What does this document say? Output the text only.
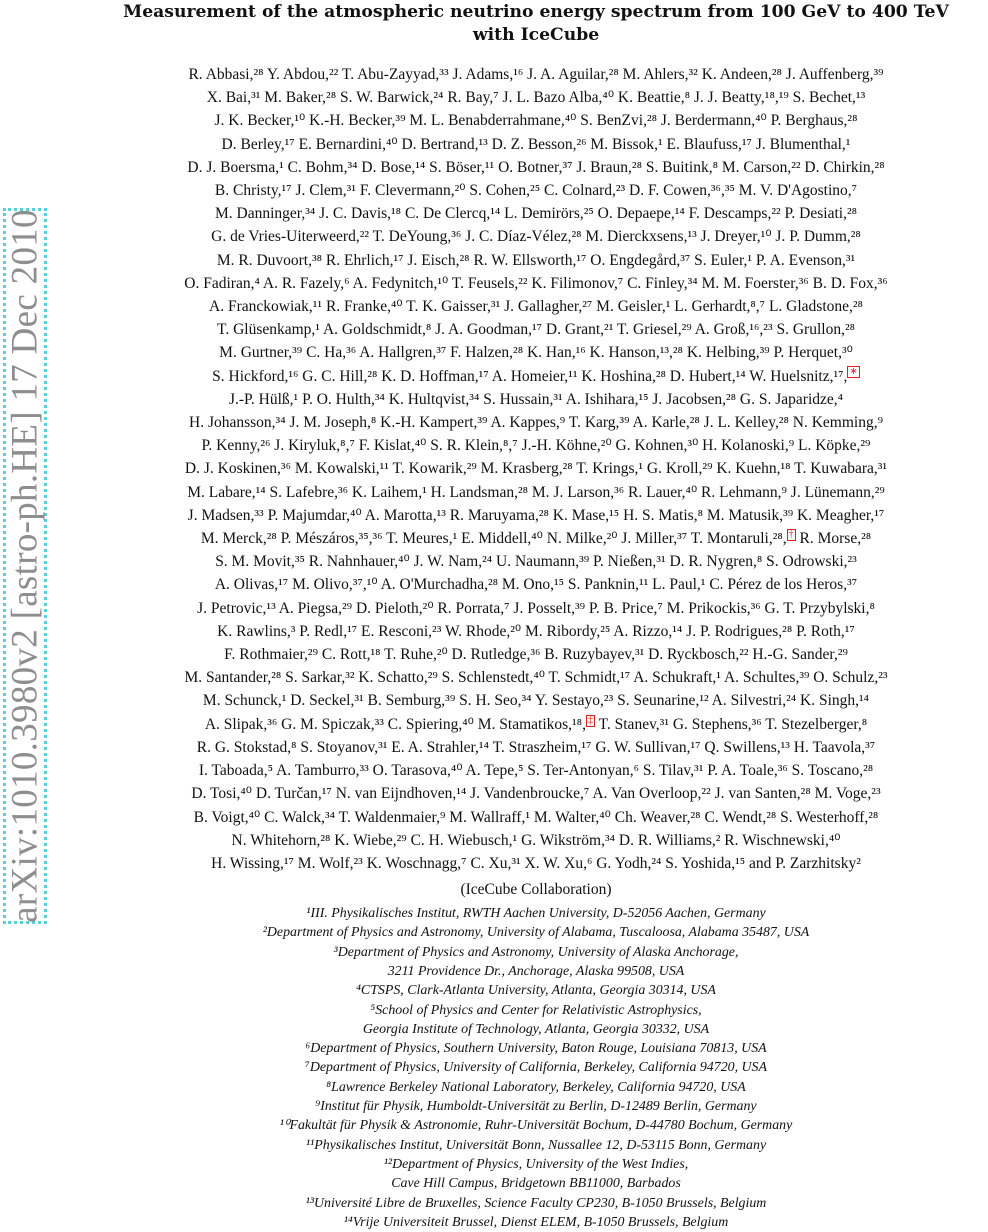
arXiv:1010.3980v2 [astro-ph.HE] 17 Dec 2010
Measurement of the atmospheric neutrino energy spectrum from 100 GeV to 400 TeV
with IceCube
R. Abbasi,²⁸ Y. Abdou,²² T. Abu-Zayyad,³³ J. Adams,¹⁶ J. A. Aguilar,²⁸ M. Ahlers,³² K. Andeen,²⁸ J. Auffenberg,³⁹
X. Bai,³¹ M. Baker,²⁸ S. W. Barwick,²⁴ R. Bay,⁷ J. L. Bazo Alba,⁴⁰ K. Beattie,⁸ J. J. Beatty,¹⁸,¹⁹ S. Bechet,¹³
J. K. Becker,¹⁰ K.-H. Becker,³⁹ M. L. Benabderrahmane,⁴⁰ S. BenZvi,²⁸ J. Berdermann,⁴⁰ P. Berghaus,²⁸
D. Berley,¹⁷ E. Bernardini,⁴⁰ D. Bertrand,¹³ D. Z. Besson,²⁶ M. Bissok,¹ E. Blaufuss,¹⁷ J. Blumenthal,¹
D. J. Boersma,¹ C. Bohm,³⁴ D. Bose,¹⁴ S. Böser,¹¹ O. Botner,³⁷ J. Braun,²⁸ S. Buitink,⁸ M. Carson,²² D. Chirkin,²⁸
B. Christy,¹⁷ J. Clem,³¹ F. Clevermann,²⁰ S. Cohen,²⁵ C. Colnard,²³ D. F. Cowen,³⁶,³⁵ M. V. D'Agostino,⁷
M. Danninger,³⁴ J. C. Davis,¹⁸ C. De Clercq,¹⁴ L. Demirörs,²⁵ O. Depaepe,¹⁴ F. Descamps,²² P. Desiati,²⁸
G. de Vries-Uiterweerd,²² T. DeYoung,³⁶ J. C. Díaz-Vélez,²⁸ M. Dierckxsens,¹³ J. Dreyer,¹⁰ J. P. Dumm,²⁸
M. R. Duvoort,³⁸ R. Ehrlich,¹⁷ J. Eisch,²⁸ R. W. Ellsworth,¹⁷ O. Engdegård,³⁷ S. Euler,¹ P. A. Evenson,³¹
O. Fadiran,⁴ A. R. Fazely,⁶ A. Fedynitch,¹⁰ T. Feusels,²² K. Filimonov,⁷ C. Finley,³⁴ M. M. Foerster,³⁶ B. D. Fox,³⁶
A. Franckowiak,¹¹ R. Franke,⁴⁰ T. K. Gaisser,³¹ J. Gallagher,²⁷ M. Geisler,¹ L. Gerhardt,⁸,⁷ L. Gladstone,²⁸
T. Glüsenkamp,¹ A. Goldschmidt,⁸ J. A. Goodman,¹⁷ D. Grant,²¹ T. Griesel,²⁹ A. Groß,¹⁶,²³ S. Grullon,²⁸
M. Gurtner,³⁹ C. Ha,³⁶ A. Hallgren,³⁷ F. Halzen,²⁸ K. Han,¹⁶ K. Hanson,¹³,²⁸ K. Helbing,³⁹ P. Herquet,³⁰
S. Hickford,¹⁶ G. C. Hill,²⁸ K. D. Hoffman,¹⁷ A. Homeier,¹¹ K. Hoshina,²⁸ D. Hubert,¹⁴ W. Huelsnitz,¹⁷, ∗
J.-P. Hülß,¹ P. O. Hulth,³⁴ K. Hultqvist,³⁴ S. Hussain,³¹ A. Ishihara,¹⁵ J. Jacobsen,²⁸ G. S. Japaridze,⁴
H. Johansson,³⁴ J. M. Joseph,⁸ K.-H. Kampert,³⁹ A. Kappes,⁹ T. Karg,³⁹ A. Karle,²⁸ J. L. Kelley,²⁸ N. Kemming,⁹
P. Kenny,²⁶ J. Kiryluk,⁸,⁷ F. Kislat,⁴⁰ S. R. Klein,⁸,⁷ J.-H. Köhne,²⁰ G. Kohnen,³⁰ H. Kolanoski,⁹ L. Köpke,²⁹
D. J. Koskinen,³⁶ M. Kowalski,¹¹ T. Kowarik,²⁹ M. Krasberg,²⁸ T. Krings,¹ G. Kroll,²⁹ K. Kuehn,¹⁸ T. Kuwabara,³¹
M. Labare,¹⁴ S. Lafebre,³⁶ K. Laihem,¹ H. Landsman,²⁸ M. J. Larson,³⁶ R. Lauer,⁴⁰ R. Lehmann,⁹ J. Lünemann,²⁹
J. Madsen,³³ P. Majumdar,⁴⁰ A. Marotta,¹³ R. Maruyama,²⁸ K. Mase,¹⁵ H. S. Matis,⁸ M. Matusik,³⁹ K. Meagher,¹⁷
M. Merck,²⁸ P. Mészáros,³⁵,³⁶ T. Meures,¹ E. Middell,⁴⁰ N. Milke,²⁰ J. Miller,³⁷ T. Montaruli,²⁸, † R. Morse,²⁸
S. M. Movit,³⁵ R. Nahnhauer,⁴⁰ J. W. Nam,²⁴ U. Naumann,³⁹ P. Nießen,³¹ D. R. Nygren,⁸ S. Odrowski,²³
A. Olivas,¹⁷ M. Olivo,³⁷,¹⁰ A. O'Murchadha,²⁸ M. Ono,¹⁵ S. Panknin,¹¹ L. Paul,¹ C. Pérez de los Heros,³⁷
J. Petrovic,¹³ A. Piegsa,²⁹ D. Pieloth,²⁰ R. Porrata,⁷ J. Posselt,³⁹ P. B. Price,⁷ M. Prikockis,³⁶ G. T. Przybylski,⁸
K. Rawlins,³ P. Redl,¹⁷ E. Resconi,²³ W. Rhode,²⁰ M. Ribordy,²⁵ A. Rizzo,¹⁴ J. P. Rodrigues,²⁸ P. Roth,¹⁷
F. Rothmaier,²⁹ C. Rott,¹⁸ T. Ruhe,²⁰ D. Rutledge,³⁶ B. Ruzybayev,³¹ D. Ryckbosch,²² H.-G. Sander,²⁹
M. Santander,²⁸ S. Sarkar,³² K. Schatto,²⁹ S. Schlenstedt,⁴⁰ T. Schmidt,¹⁷ A. Schukraft,¹ A. Schultes,³⁹ O. Schulz,²³
M. Schunck,¹ D. Seckel,³¹ B. Semburg,³⁹ S. H. Seo,³⁴ Y. Sestayo,²³ S. Seunarine,¹² A. Silvestri,²⁴ K. Singh,¹⁴
A. Slipak,³⁶ G. M. Spiczak,³³ C. Spiering,⁴⁰ M. Stamatikos,¹⁸, ‡ T. Stanev,³¹ G. Stephens,³⁶ T. Stezelberger,⁸
R. G. Stokstad,⁸ S. Stoyanov,³¹ E. A. Strahler,¹⁴ T. Straszheim,¹⁷ G. W. Sullivan,¹⁷ Q. Swillens,¹³ H. Taavola,³⁷
I. Taboada,⁵ A. Tamburro,³³ O. Tarasova,⁴⁰ A. Tepe,⁵ S. Ter-Antonyan,⁶ S. Tilav,³¹ P. A. Toale,³⁶ S. Toscano,²⁸
D. Tosi,⁴⁰ D. Turčan,¹⁷ N. van Eijndhoven,¹⁴ J. Vandenbroucke,⁷ A. Van Overloop,²² J. van Santen,²⁸ M. Voge,²³
B. Voigt,⁴⁰ C. Walck,³⁴ T. Waldenmaier,⁹ M. Wallraff,¹ M. Walter,⁴⁰ Ch. Weaver,²⁸ C. Wendt,²⁸ S. Westerhoff,²⁸
N. Whitehorn,²⁸ K. Wiebe,²⁹ C. H. Wiebusch,¹ G. Wikström,³⁴ D. R. Williams,² R. Wischnewski,⁴⁰
H. Wissing,¹⁷ M. Wolf,²³ K. Woschnagg,⁷ C. Xu,³¹ X. W. Xu,⁶ G. Yodh,²⁴ S. Yoshida,¹⁵ and P. Zarzhitsky²
(IceCube Collaboration)
¹III. Physikalisches Institut, RWTH Aachen University, D-52056 Aachen, Germany
²Department of Physics and Astronomy, University of Alabama, Tuscaloosa, Alabama 35487, USA
³Department of Physics and Astronomy, University of Alaska Anchorage,
3211 Providence Dr., Anchorage, Alaska 99508, USA
⁴CTSPS, Clark-Atlanta University, Atlanta, Georgia 30314, USA
⁵School of Physics and Center for Relativistic Astrophysics,
Georgia Institute of Technology, Atlanta, Georgia 30332, USA
⁶Department of Physics, Southern University, Baton Rouge, Louisiana 70813, USA
⁷Department of Physics, University of California, Berkeley, California 94720, USA
⁸Lawrence Berkeley National Laboratory, Berkeley, California 94720, USA
⁹Institut für Physik, Humboldt-Universität zu Berlin, D-12489 Berlin, Germany
¹⁰Fakultät für Physik & Astronomie, Ruhr-Universität Bochum, D-44780 Bochum, Germany
¹¹Physikalisches Institut, Universität Bonn, Nussallee 12, D-53115 Bonn, Germany
¹²Department of Physics, University of the West Indies,
Cave Hill Campus, Bridgetown BB11000, Barbados
¹³Université Libre de Bruxelles, Science Faculty CP230, B-1050 Brussels, Belgium
¹⁴Vrije Universiteit Brussel, Dienst ELEM, B-1050 Brussels, Belgium
